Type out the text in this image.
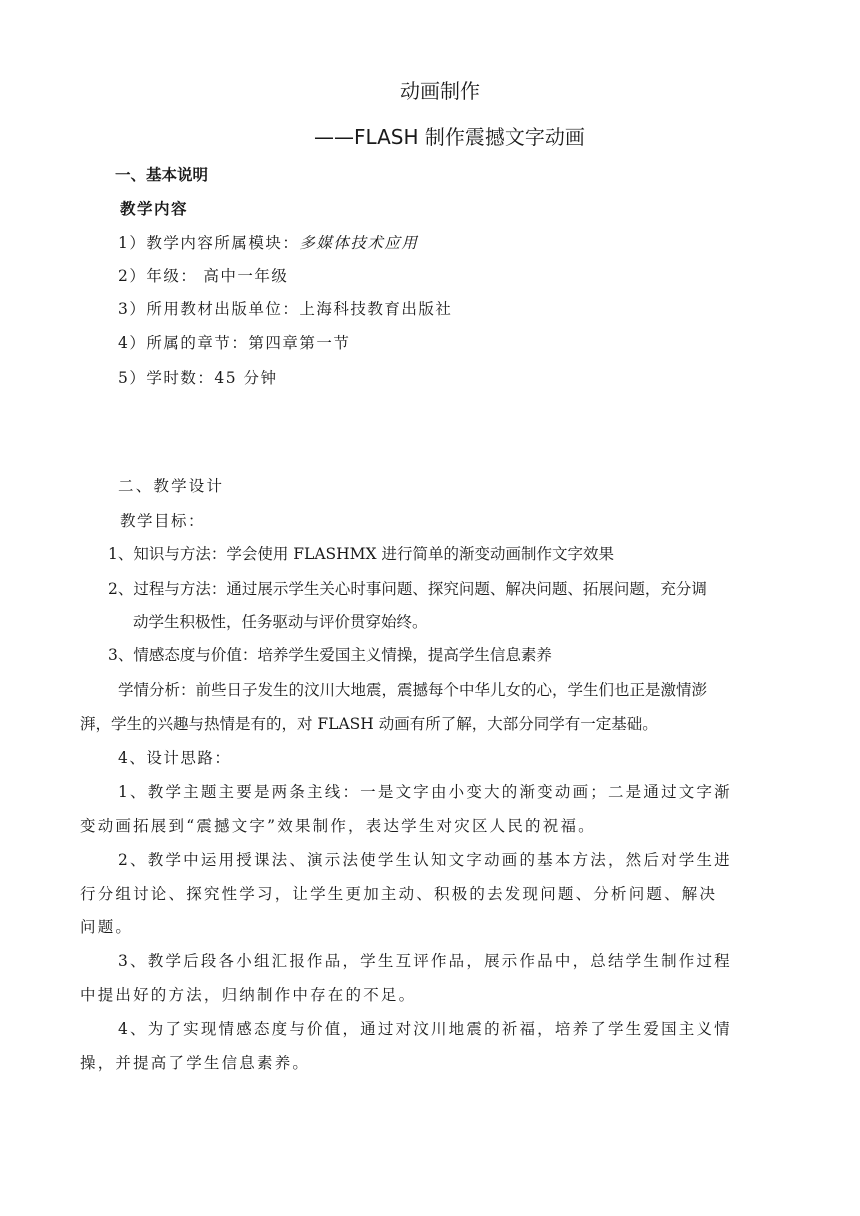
动画制作
——FLASH 制作震撼文字动画
一、基本说明
教学内容
1）教学内容所属模块：多媒体技术应用
2）年级： 高中一年级
3）所用教材出版单位：上海科技教育出版社
4）所属的章节：第四章第一节
5）学时数：45 分钟
二、教学设计
教学目标：
1、知识与方法：学会使用 FLASHMX 进行简单的渐变动画制作文字效果
2、过程与方法：通过展示学生关心时事问题、探究问题、解决问题、拓展问题，充分调
动学生积极性，任务驱动与评价贯穿始终。
3、情感态度与价值：培养学生爱国主义情操，提高学生信息素养
学情分析：前些日子发生的汶川大地震，震撼每个中华儿女的心，学生们也正是激情澎
湃，学生的兴趣与热情是有的，对 FLASH 动画有所了解，大部分同学有一定基础。
4、设计思路：
1、教学主题主要是两条主线：一是文字由小变大的渐变动画；二是通过文字渐
变动画拓展到“震撼文字”效果制作，表达学生对灾区人民的祝福。
2、教学中运用授课法、演示法使学生认知文字动画的基本方法，然后对学生进
行分组讨论、探究性学习，让学生更加主动、积极的去发现问题、分析问题、解决
问题。
3、教学后段各小组汇报作品，学生互评作品，展示作品中，总结学生制作过程
中提出好的方法，归纳制作中存在的不足。
4、为了实现情感态度与价值，通过对汶川地震的祈福，培养了学生爱国主义情
操，并提高了学生信息素养。
